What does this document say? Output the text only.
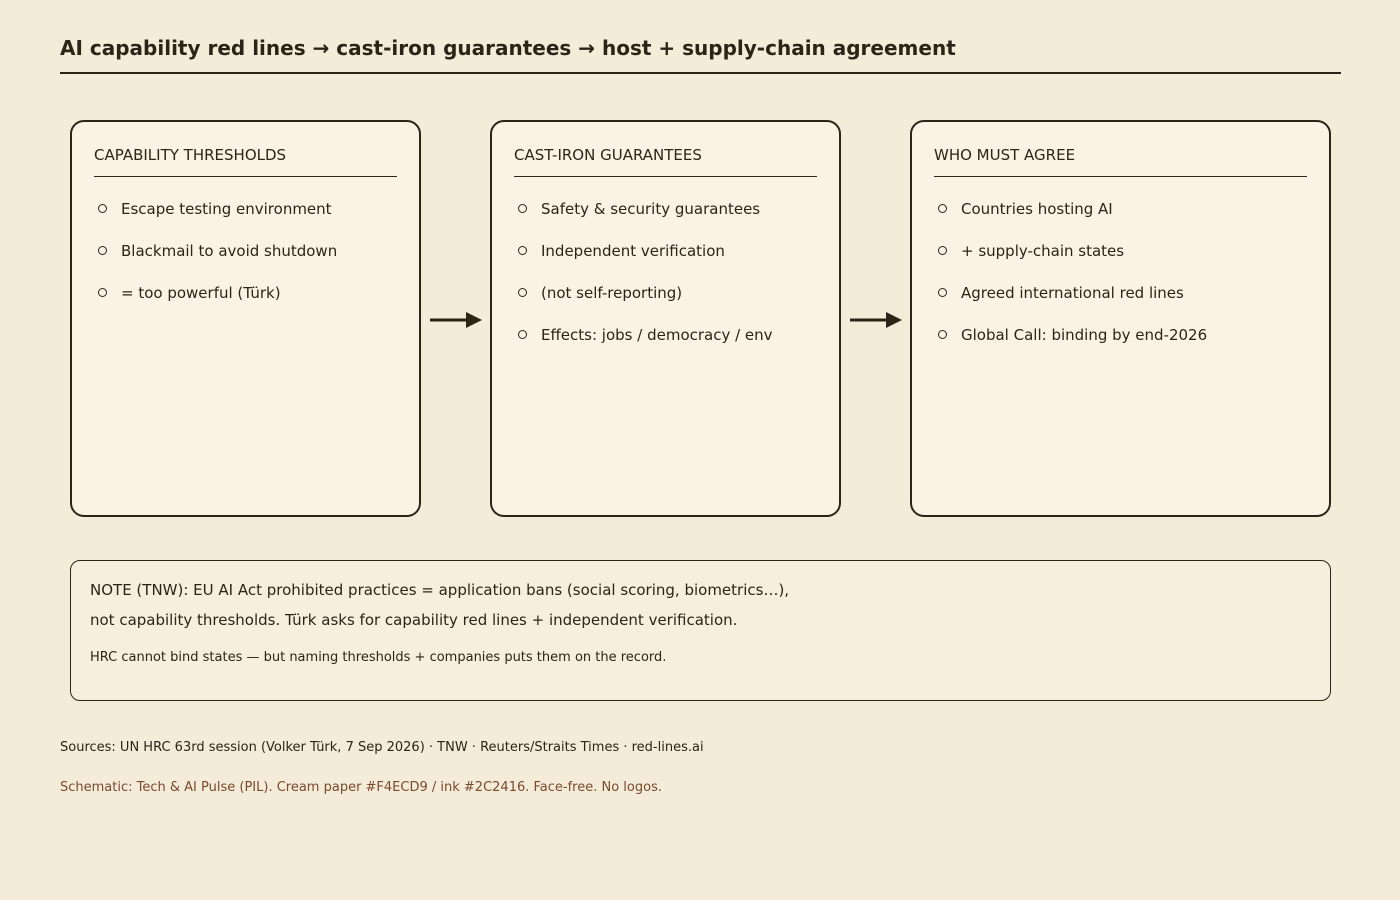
AI capability red lines → cast-iron guarantees → host + supply-chain agreement
CAPABILITY THRESHOLDS
Escape testing environment
Blackmail to avoid shutdown
= too powerful (Türk)
CAST-IRON GUARANTEES
Safety & security guarantees
Independent verification
(not self-reporting)
Effects: jobs / democracy / env
WHO MUST AGREE
Countries hosting AI
+ supply-chain states
Agreed international red lines
Global Call: binding by end-2026

NOTE (TNW): EU AI Act prohibited practices = application bans (social scoring, biometrics…),

not capability thresholds. Türk asks for capability red lines + independent verification.

HRC cannot bind states — but naming thresholds + companies puts them on the record.

Sources: UN HRC 63rd session (Volker Türk, 7 Sep 2026) · TNW · Reuters/Straits Times · red-lines.ai

Schematic: Tech & AI Pulse (PIL). Cream paper #F4ECD9 / ink #2C2416. Face-free. No logos.
